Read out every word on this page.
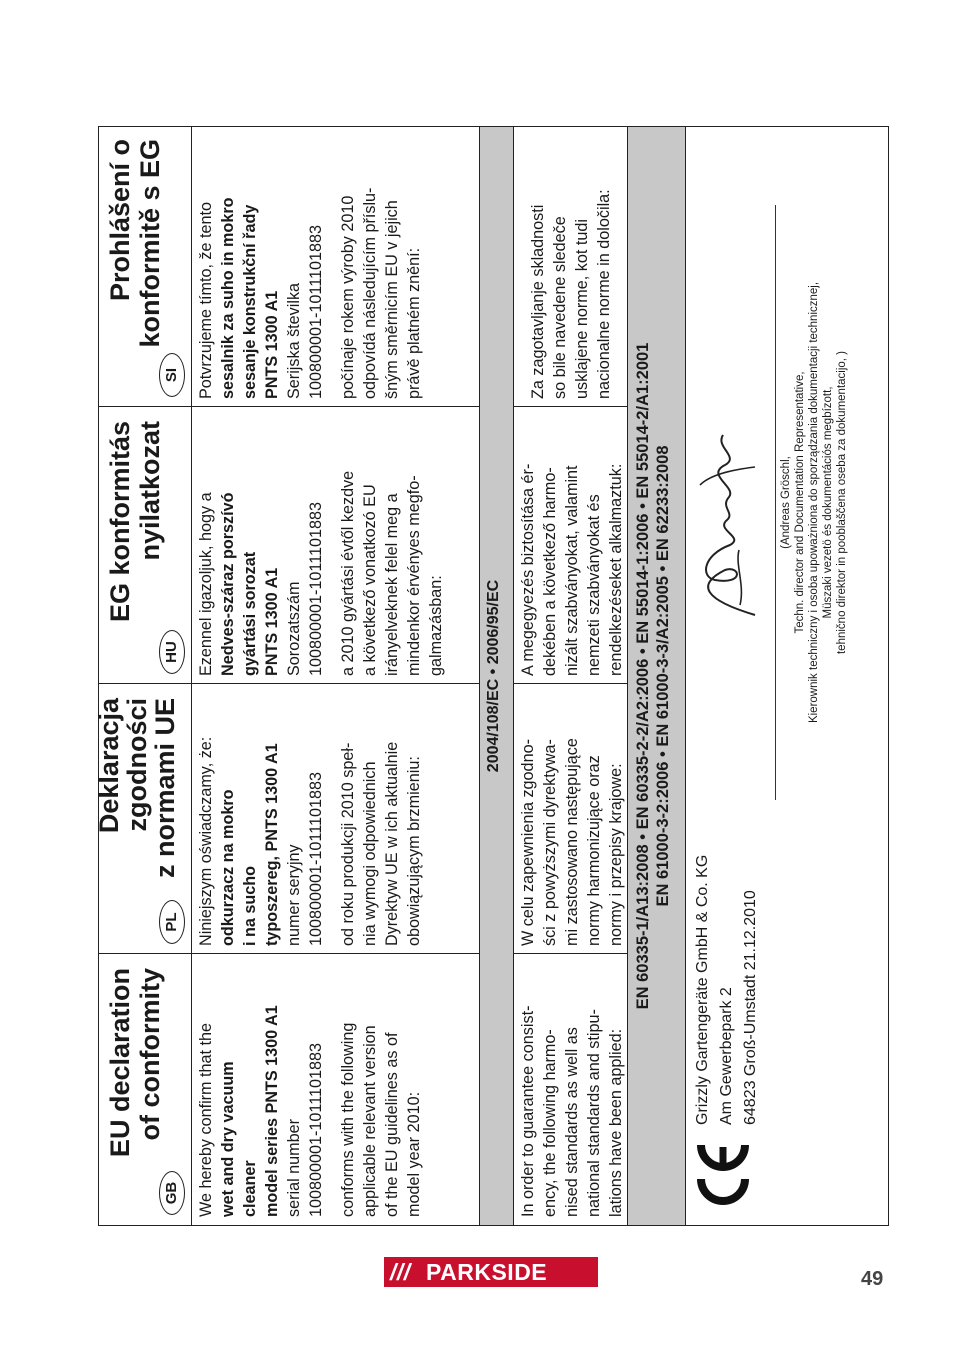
GB
EU declaration of conformity
PL
Deklaracja
zgodności
z normami UE
HU
EG konformitás nyilatkozat
SI
Prohlášení o konformitě s EG
We hereby confirm that the wet and dry vacuum cleaner model series PNTS 1300 A1 serial number 100800001-1011101883 conforms with the following applicable relevant version of the EU guidelines as of model year 2010:
Niniejszym oświadczamy, że: odkurzacz na mokro i na sucho typoszereg, PNTS 1300 A1 numer seryjny 100800001-1011101883 od roku produkcji 2010 speł- nia wymogi odpowiednich Dyrektyw UE w ich aktualnie obowiązującym brzmieniu:
Ezennel igazoljuk, hogy a Nedves-száraz porszívó gyártási sorozat PNTS 1300 A1 Sorozatszám 100800001-1011101883 a 2010 gyártási évtől kezdve a következő vonatkozó EU irányelveknek felel meg a mindenkor érvényes megfo- galmazásban:
Potvrzujeme tímto, že tento sesalnik za suho in mokro sesanje konstrukční řady PNTS 1300 A1 Serijska številka 100800001-1011101883 počínaje rokem výroby 2010 odpovídá následujícím příslu- šným směrnicím EU v jejich právě platném znění:
2004/108/EC • 2006/95/EC
In order to guarantee consist- ency, the following harmo- nised standards as well as national standards and stipu- lations have been applied:
W celu zapewnienia zgodno- ści z powyższymi dyrektywa- mi zastosowano następujące normy harmonizujące oraz normy i przepisy krajowe:
A megegyezés biztosítása ér- dekében a következő harmo- nizált szabványokat, valamint nemzeti szabványokat és rendelkezéseket alkalmaztuk:
Za zagotavljanje skladnosti so bile navedene sledeče usklajene norme, kot tudi nacionalne norme in določila:
EN 60335-1/A13:2008 • EN 60335-2-2/A2:2006 • EN 55014-1:2006 • EN 55014-2/A1:2001 EN 61000-3-2:2006 • EN 61000-3-3/A2:2005 • EN 62233:2008
Grizzly Gartengeräte GmbH & Co. KG Am Gewerbepark 2 64823 Groß-Umstadt 21.12.2010
(Andreas Gröschl, Techn. director and Documentation Representative, Kierownik techniczny i osoba upoważniona do sporządzania dokumentacji technicznej, Müszaki vezetö és dokumentációs megbízott, tehnično direktor in pooblaščena oseba za dokumentacijo, )
/// PARKSIDE	49
